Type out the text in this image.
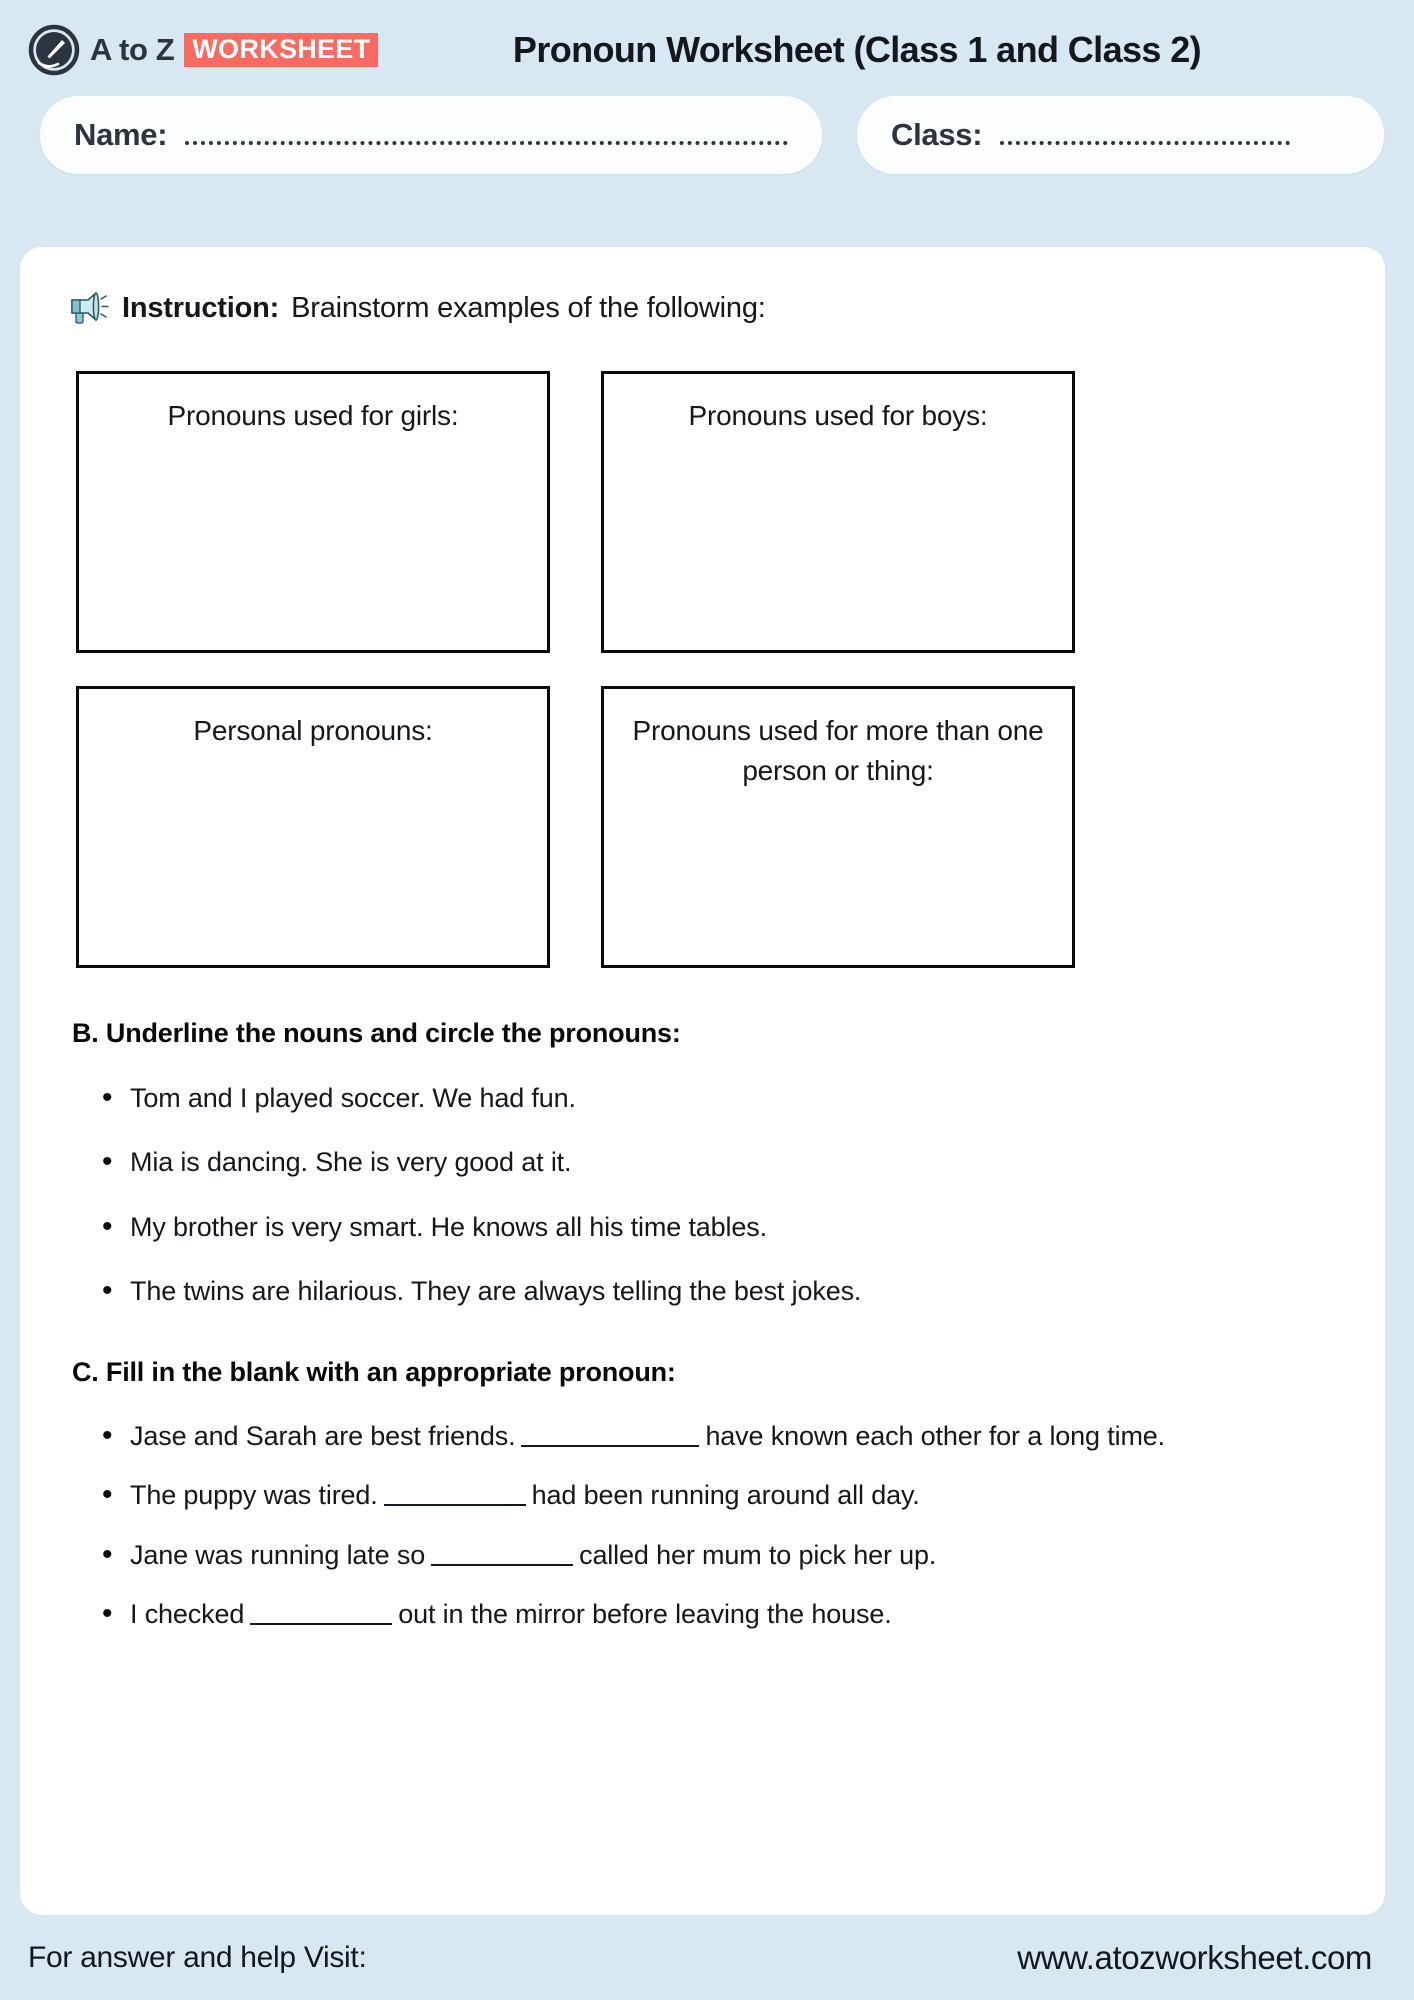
A to Z WORKSHEET	Pronoun Worksheet (Class 1 and Class 2)
Name:	Class:
Instruction: Brainstorm examples of the following:
Pronouns used for girls:	Pronouns used for boys:
Personal pronouns:	Pronouns used for more than one person or thing:
B. Underline the nouns and circle the pronouns:
• Tom and I played soccer. We had fun.
• Mia is dancing. She is very good at it.
• My brother is very smart. He knows all his time tables.
• The twins are hilarious. They are always telling the best jokes.
C. Fill in the blank with an appropriate pronoun:
• Jase and Sarah are best friends.	have known each other for a long time.
• The puppy was tired.	had been running around all day.
• Jane was running late so	called her mum to pick her up.
• I checked	out in the mirror before leaving the house.
For answer and help Visit:	www.atozworksheet.com
